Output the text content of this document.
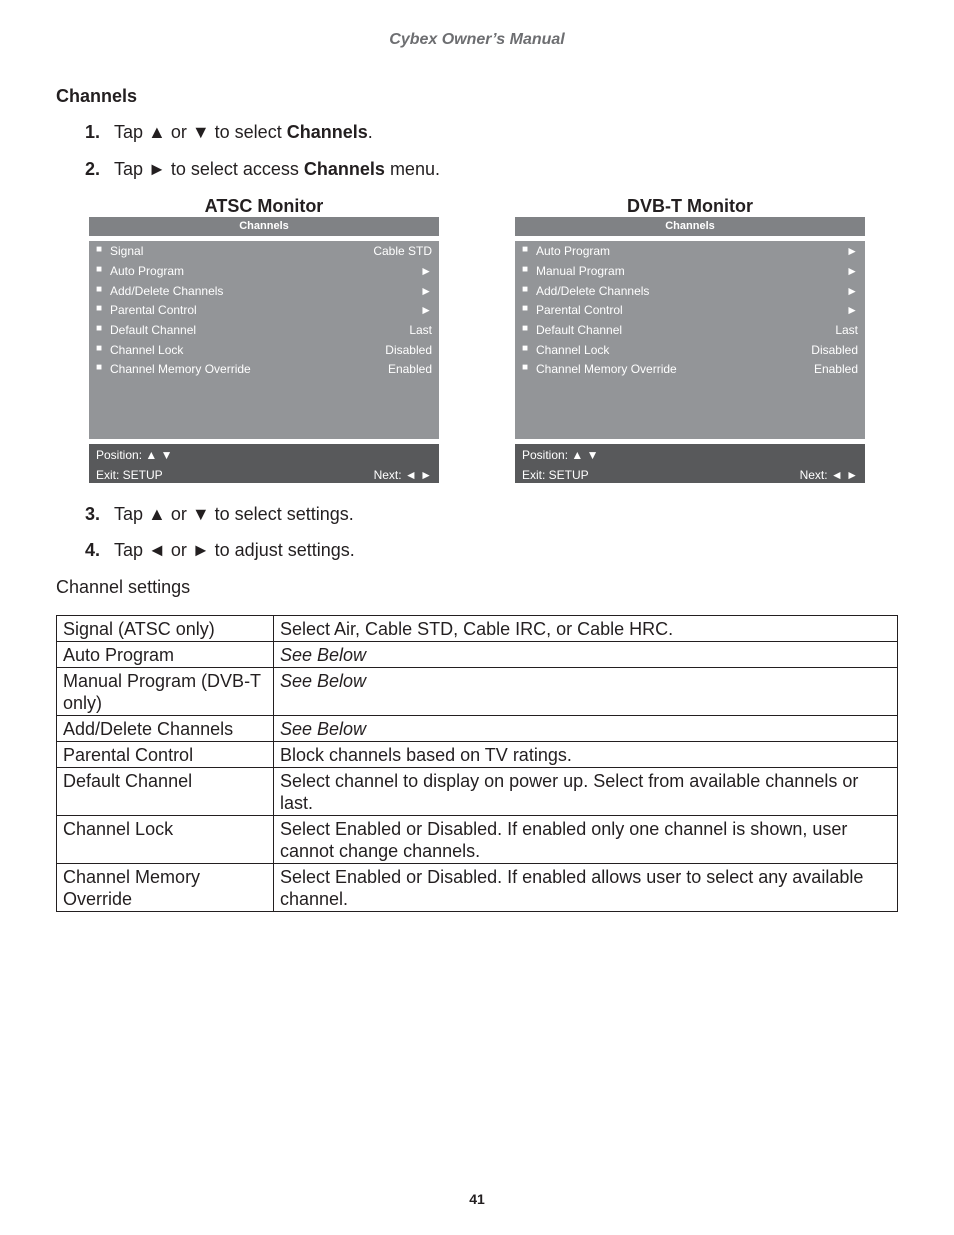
Cybex Owner’s Manual
Channels
1. Tap ▲ or ▼ to select Channels.
2. Tap ► to select access Channels menu.
ATSC Monitor
Channels
■ Signal	Cable STD
■ Auto Program	►
■ Add/Delete Channels	►
■ Parental Control	►
■ Default Channel	Last
■ Channel Lock	Disabled
■ Channel Memory Override	Enabled
Position: ▲ ▼
Exit: SETUP	Next: ◄ ►
DVB-T Monitor
Channels
■ Auto Program	►
■ Manual Program	►
■ Add/Delete Channels	►
■ Parental Control	►
■ Default Channel	Last
■ Channel Lock	Disabled
■ Channel Memory Override	Enabled
Position: ▲ ▼
Exit: SETUP	Next: ◄ ►
3. Tap ▲ or ▼ to select settings.
4. Tap ◄ or ► to adjust settings.
Channel settings
Signal (ATSC only)	Select Air, Cable STD, Cable IRC, or Cable HRC.
Auto Program	See Below
Manual Program (DVB-T only)	See Below
Add/Delete Channels	See Below
Parental Control	Block channels based on TV ratings.
Default Channel	Select channel to display on power up. Select from available channels or last.
Channel Lock	Select Enabled or Disabled. If enabled only one channel is shown, user cannot change channels.
Channel Memory Override	Select Enabled or Disabled. If enabled allows user to select any available channel.
41
